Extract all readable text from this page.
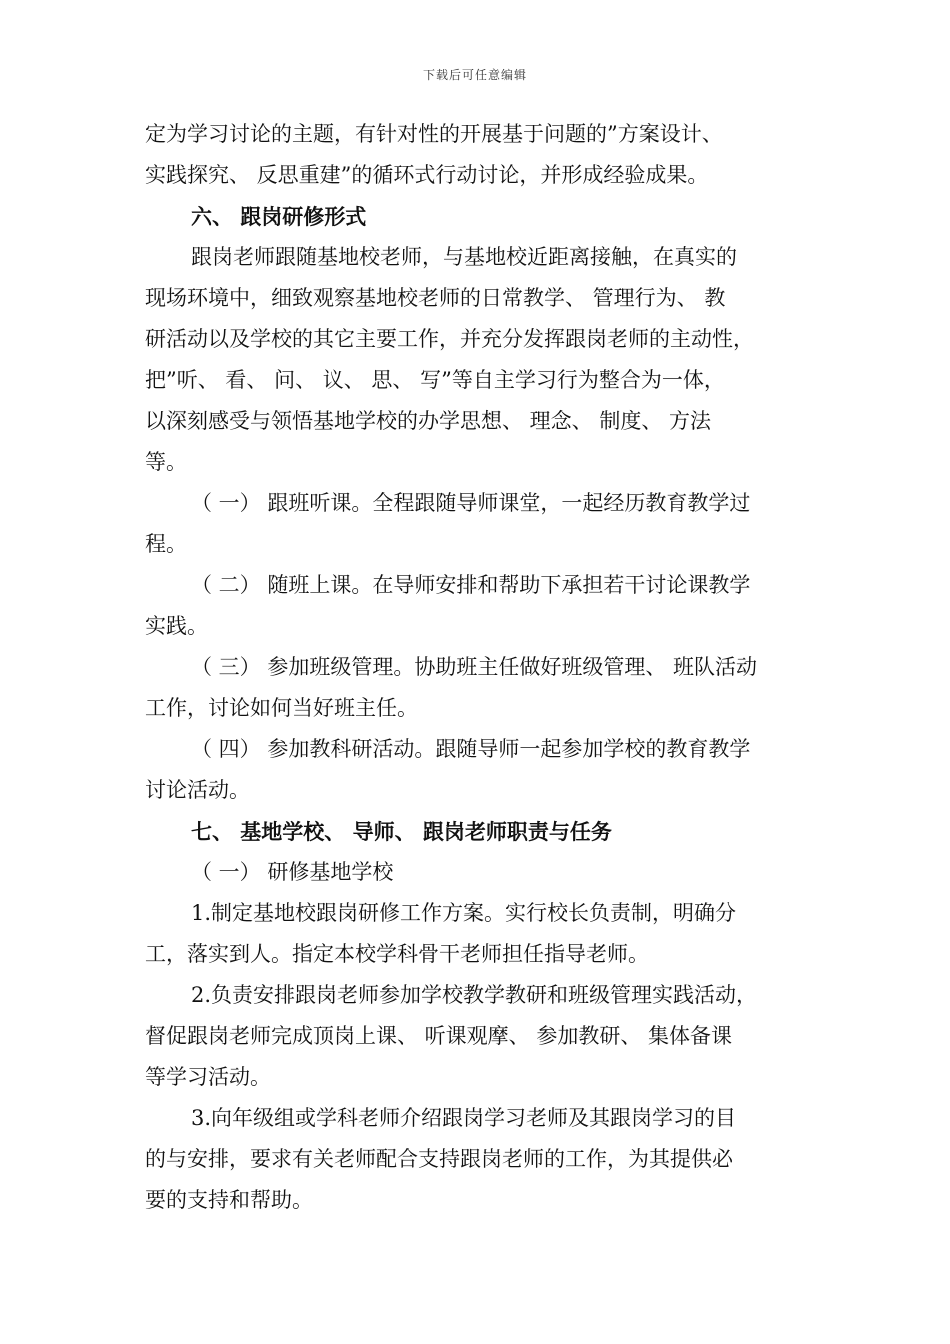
下载后可任意编辑
定为学习讨论的主题，有针对性的开展基于问题的”方案设计、
实践探究、 反思重建”的循环式行动讨论，并形成经验成果。
六、 跟岗研修形式
跟岗老师跟随基地校老师，与基地校近距离接触，在真实的
现场环境中，细致观察基地校老师的日常教学、 管理行为、 教
研活动以及学校的其它主要工作，并充分发挥跟岗老师的主动性，
把”听、 看、 问、 议、 思、 写”等自主学习行为整合为一体，
以深刻感受与领悟基地学校的办学思想、 理念、 制度、 方法
等。
（ 一） 跟班听课。全程跟随导师课堂，一起经历教育教学过
程。
（ 二） 随班上课。在导师安排和帮助下承担若干讨论课教学
实践。
（ 三） 参加班级管理。协助班主任做好班级管理、 班队活动
工作，讨论如何当好班主任。
（ 四） 参加教科研活动。跟随导师一起参加学校的教育教学
讨论活动。
七、 基地学校、 导师、 跟岗老师职责与任务
（ 一） 研修基地学校
1.制定基地校跟岗研修工作方案。实行校长负责制，明确分
工，落实到人。指定本校学科骨干老师担任指导老师。
2.负责安排跟岗老师参加学校教学教研和班级管理实践活动，
督促跟岗老师完成顶岗上课、 听课观摩、 参加教研、 集体备课
等学习活动。
3.向年级组或学科老师介绍跟岗学习老师及其跟岗学习的目
的与安排，要求有关老师配合支持跟岗老师的工作，为其提供必
要的支持和帮助。
